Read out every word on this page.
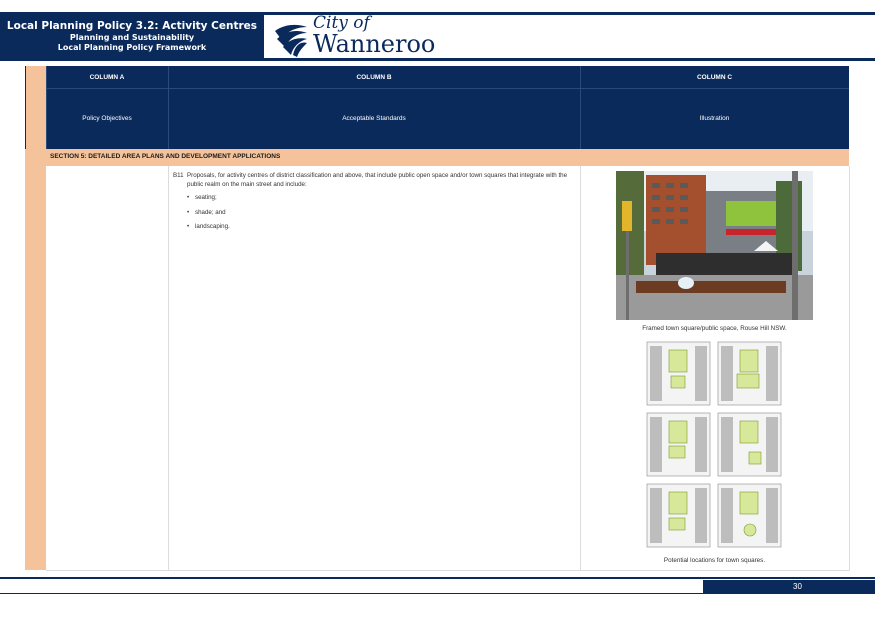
Local Planning Policy 3.2: Activity Centres
Planning and Sustainability
Local Planning Policy Framework
City of
Wanneroo
COLUMN A	COLUMN B	COLUMN C
Policy Objectives	Acceptable Standards	Illustration
SECTION 5: DETAILED AREA PLANS AND DEVELOPMENT APPLICATIONS
B11 Proposals, for activity centres of district classification and above, that include public open space and/or town squares that integrate with the public realm on the main street and include:
• seating;
• shade; and
• landscaping.
Framed town square/public space, Rouse Hill NSW.
Potential locations for town squares.
30
